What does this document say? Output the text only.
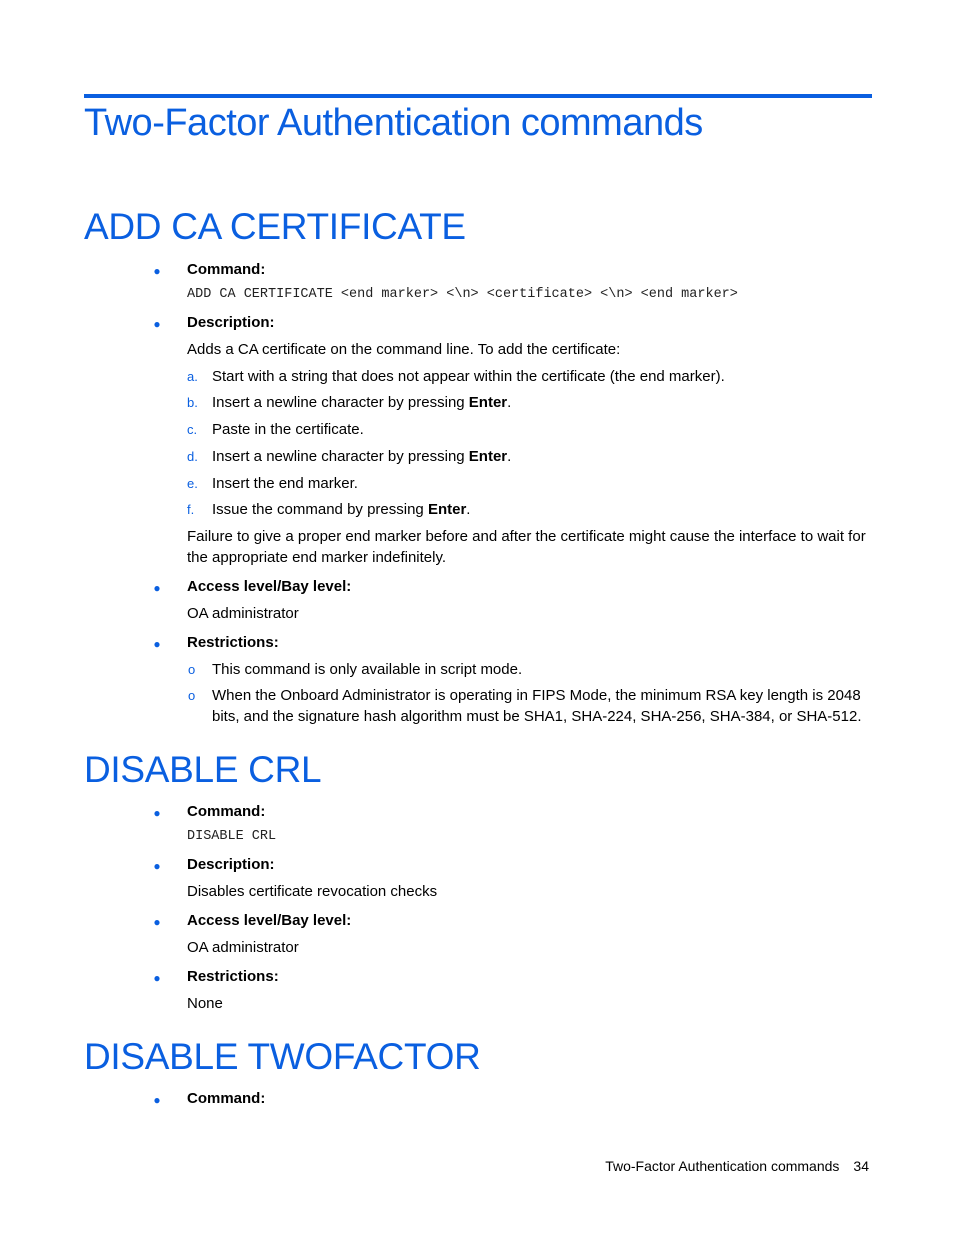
Two-Factor Authentication commands
ADD CA CERTIFICATE
● Command:
ADD CA CERTIFICATE <end marker> <\n> <certificate> <\n> <end marker>
● Description:
Adds a CA certificate on the command line. To add the certificate:
a. Start with a string that does not appear within the certificate (the end marker).
b. Insert a newline character by pressing Enter.
c. Paste in the certificate.
d. Insert a newline character by pressing Enter.
e. Insert the end marker.
f. Issue the command by pressing Enter.
Failure to give a proper end marker before and after the certificate might cause the interface to wait for
the appropriate end marker indefinitely.
● Access level/Bay level:
OA administrator
● Restrictions:
o This command is only available in script mode.
o When the Onboard Administrator is operating in FIPS Mode, the minimum RSA key length is 2048
bits, and the signature hash algorithm must be SHA1, SHA-224, SHA-256, SHA-384, or SHA-512.
DISABLE CRL
● Command:
DISABLE CRL
● Description:
Disables certificate revocation checks
● Access level/Bay level:
OA administrator
● Restrictions:
None
DISABLE TWOFACTOR
● Command:
Two-Factor Authentication commands 34
